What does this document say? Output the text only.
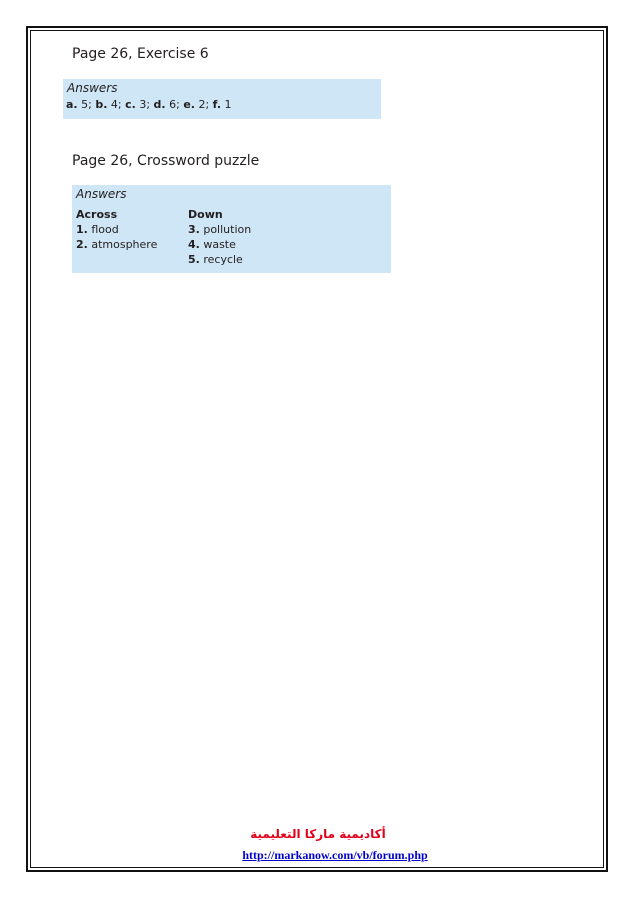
Page 26, Exercise 6
Answers
a. 5; b. 4; c. 3; d. 6; e. 2; f. 1
Page 26, Crossword puzzle
Answers
Across
1. flood
2. atmosphere
Down
3. pollution
4. waste
5. recycle
أكاديمية ماركا التعليمية
http://markanow.com/vb/forum.php
